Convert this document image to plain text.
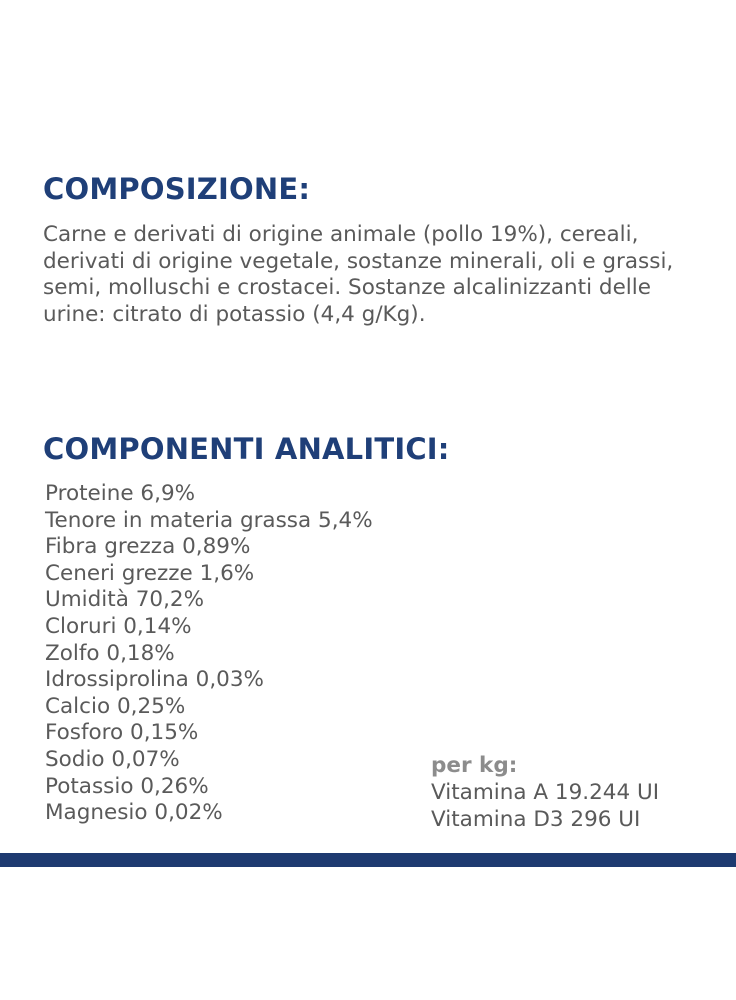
COMPOSIZIONE:

Carne e derivati di origine animale (pollo 19%), cereali, derivati di origine vegetale, sostanze minerali, oli e grassi, semi, molluschi e crostacei. Sostanze alcalinizzanti delle urine: citrato di potassio (4,4 g/Kg).

COMPONENTI ANALITICI:
Proteine 6,9%
Tenore in materia grassa 5,4%
Fibra grezza 0,89%
Ceneri grezze 1,6%
Umidità 70,2%
Cloruri 0,14%
Zolfo 0,18%
Idrossiprolina 0,03%
Calcio 0,25%
Fosforo 0,15%
Sodio 0,07%
Potassio 0,26%
Magnesio 0,02%
per kg:
Vitamina A 19.244 UI
Vitamina D3 296 UI
